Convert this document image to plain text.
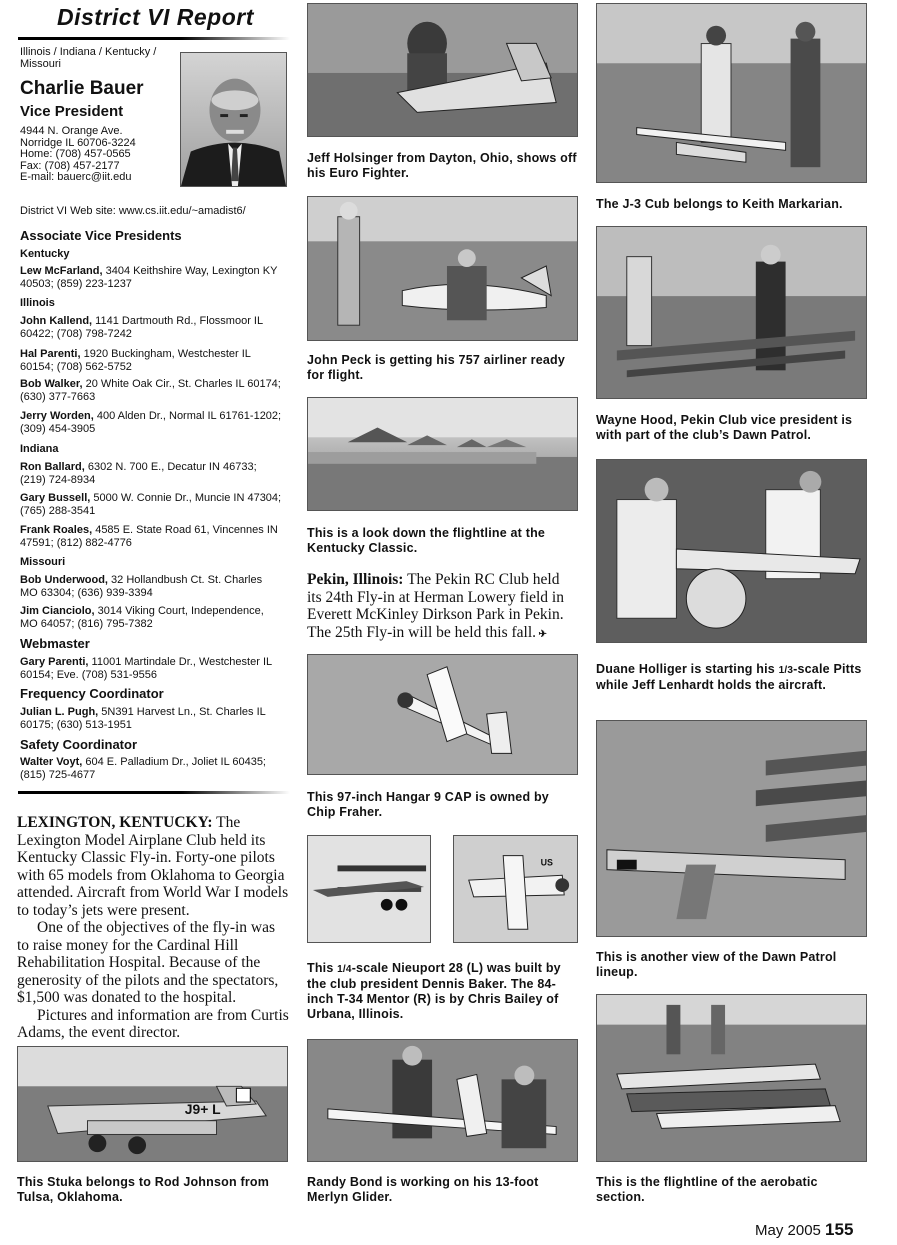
District VI Report
Illinois / Indiana / Kentucky / Missouri
Charlie Bauer
Vice President
4944 N. Orange Ave.
Norridge IL 60706-3224
Home: (708) 457-0565
Fax: (708) 457-2177
E-mail: bauerc@iit.edu
District VI Web site: www.cs.iit.edu/~amadist6/
Associate Vice Presidents
Kentucky
Lew McFarland, 3404 Keithshire Way, Lexington KY 40503; (859) 223-1237
Illinois
John Kallend, 1141 Dartmouth Rd., Flossmoor IL 60422; (708) 798-7242
Hal Parenti, 1920 Buckingham, Westchester IL 60154; (708) 562-5752
Bob Walker, 20 White Oak Cir., St. Charles IL 60174; (630) 377-7663
Jerry Worden, 400 Alden Dr., Normal IL 61761-1202; (309) 454-3905
Indiana
Ron Ballard, 6302 N. 700 E., Decatur IN 46733; (219) 724-8934
Gary Bussell, 5000 W. Connie Dr., Muncie IN 47304; (765) 288-3541
Frank Roales, 4585 E. State Road 61, Vincennes IN 47591; (812) 882-4776
Missouri
Bob Underwood, 32 Hollandbush Ct. St. Charles MO 63304; (636) 939-3394
Jim Cianciolo, 3014 Viking Court, Independence, MO 64057; (816) 795-7382
Webmaster
Gary Parenti, 11001 Martindale Dr., Westchester IL 60154; Eve. (708) 531-9556
Frequency Coordinator
Julian L. Pugh, 5N391 Harvest Ln., St. Charles IL 60175; (630) 513-1951
Safety Coordinator
Walter Voyt, 604 E. Palladium Dr., Joliet IL 60435; (815) 725-4677
LEXINGTON, KENTUCKY: The Lexington Model Airplane Club held its Kentucky Classic Fly-in. Forty-one pilots with 65 models from Oklahoma to Georgia attended. Aircraft from World War I models to today’s jets were present.
One of the objectives of the fly-in was to raise money for the Cardinal Hill Rehabilitation Hospital. Because of the generosity of the pilots and the spectators, $1,500 was donated to the hospital.
Pictures and information are from Curtis Adams, the event director.
J9+ L
This Stuka belongs to Rod Johnson from Tulsa, Oklahoma.
Jeff Holsinger from Dayton, Ohio, shows off his Euro Fighter.
John Peck is getting his 757 airliner ready for flight.
This is a look down the flightline at the Kentucky Classic.
Pekin, Illinois: The Pekin RC Club held its 24th Fly-in at Herman Lowery field in Everett McKinley Dirkson Park in Pekin. The 25th Fly-in will be held this fall. ✈
This 97-inch Hangar 9 CAP is owned by Chip Fraher.
US
This 1/4-scale Nieuport 28 (L) was built by the club president Dennis Baker. The 84-inch T-34 Mentor (R) is by Chris Bailey of Urbana, Illinois.
Randy Bond is working on his 13-foot Merlyn Glider.
The J-3 Cub belongs to Keith Markarian.
Wayne Hood, Pekin Club vice president is with part of the club’s Dawn Patrol.
Duane Holliger is starting his 1/3-scale Pitts while Jeff Lenhardt holds the aircraft.
This is another view of the Dawn Patrol lineup.
This is the flightline of the aerobatic section.
May 2005 155
